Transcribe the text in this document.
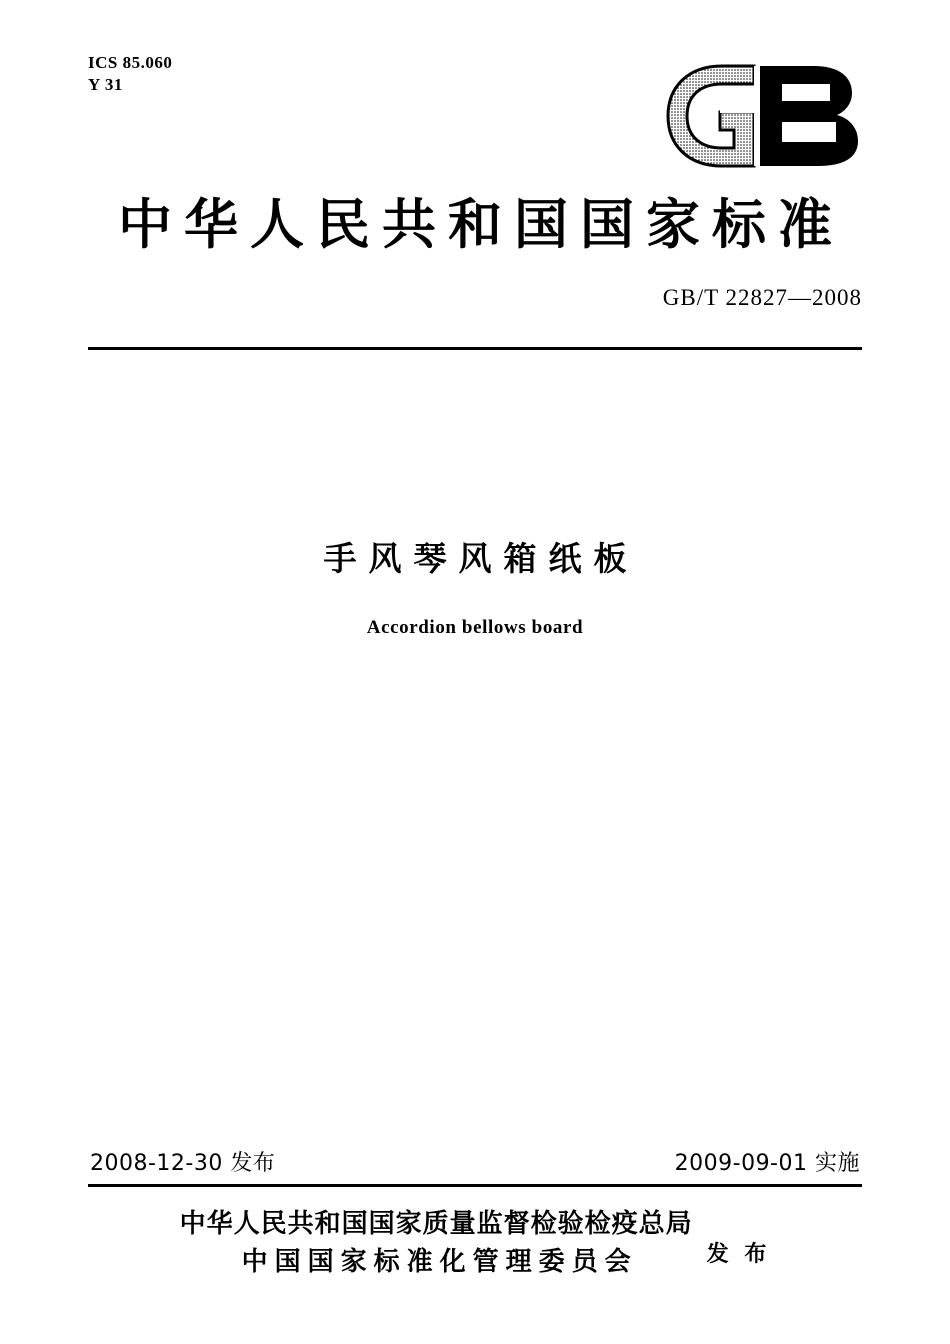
ICS 85.060
Y 31
中华人民共和国国家标准
GB/T 22827—2008
手风琴风箱纸板
Accordion bellows board
2008-12-30 发布	2009-09-01 实施
中华人民共和国国家质量监督检验检疫总局
中国国家标准化管理委员会	发 布
